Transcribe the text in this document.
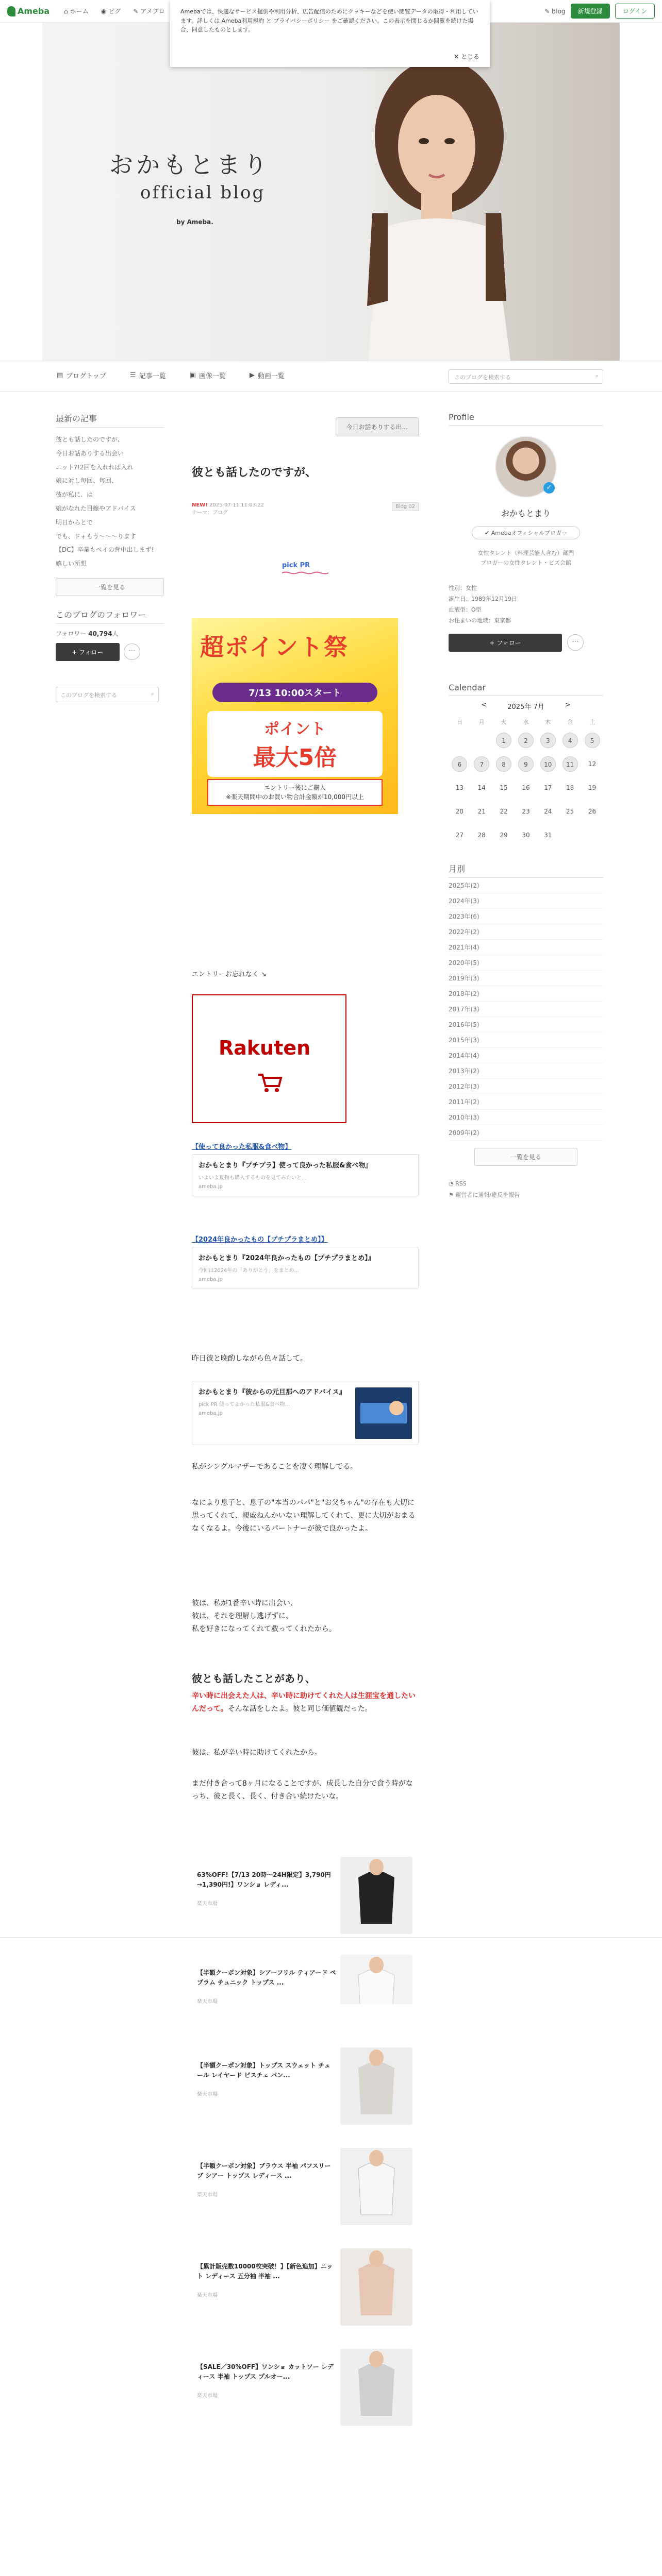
Ameba ⌂ ホーム ◉ ピグ ✎ アメブロ	✎ Blog	新規登録	ログイン
Amebaでは、快適なサービス提供や利用分析、広告配信のためにクッキーなどを使い閲覧データの取得・利用しています。詳しくは Ameba利用規約 と プライバシーポリシー をご確認ください。この表示を閉じるか閲覧を続けた場合、同意したものとします。
✕ とじる
おかもとまり
official blog
by Ameba.
▤ ブログトップ	☰ 記事一覧	▣ 画像一覧	▶ 動画一覧	このブログを検索する	⌕
最新の記事
彼とも話したのですが、
今日お話ありする出会い
ニット?!2回を入れれば入れ
娘に対し毎回、毎回、
彼が私に、は
娘がなれた目線やアドバイス
明日からとで
でも、ドォもう〜〜〜ります
【DC】卒業もペイの背中出しまず!
嬉しい所想
一覧を見る
このブログのフォロワー
フォロワー 40,794人
+ フォロー	⋯
このブログを検索する	⌕
今日お話ありする出...
彼とも話したのですが、
NEW! 2025-07-11 11:03:22
テーマ：ブログ
Blog 02
pick PR
超ポイント祭
7/13 10:00スタート
ポイント
最大5倍
エントリー後にご購入
※楽天期間中のお買い物合計金額が10,000円以上
エントリーお忘れなく ↘
Rakuten
【使って良かった私服&食べ物】
おかもとまり『プチプラ】使って良かった私服&食べ物』
いよいよ夏物も購入するものを見てみたいと...
ameba.jp
【2024年良かったもの【プチプラまとめ】】
おかもとまり『2024年良かったもの【プチプラまとめ】』
今回は2024年の「ありがとう」をまとめ...
ameba.jp

昨日彼と晩酌しながら色々話して。

おかもとまり『彼からの元旦那へのアドバイス』
pick PR 使ってよかった私服&食べ物...
ameba.jp

私がシングルマザーであることを凄く理解してる。

なにより息子と、息子の"本当のパパ"と"お父ちゃん"の存在も大切に思ってくれて、親戚ねんかいない理解してくれて、更に大切がおまるなくなるよ。今後にいるパートナーが彼で良かったよ。

彼は、私が1番辛い時に出会い、
彼は、それを理解し逃げずに、
私を好きになってくれて救ってくれたから。

彼とも話したことがあり、

辛い時に出会えた人は、辛い時に助けてくれた人は生涯宝を通したいんだって。そんな話をしたよ。彼と同じ価値観だった。

彼は、私が辛い時に助けてくれたから。

まだ付き合って8ヶ月になることですが、成長した自分で食う時がなっち、彼と長く、長く、付き合い続けたいな。

63%OFF!【7/13 20時〜24H限定】3,790円→1,390円!】ワンショ レディ...
楽天市場
【半額クーポン対象】シアーフリル ティアード ペプラム チュニック トップス ...
楽天市場
【半額クーポン対象】トップス スウェット チュール レイヤード ビスチェ パン...
楽天市場
【半額クーポン対象】ブラウス 半袖 パフスリーブ シアー トップス レディース ...
楽天市場
【累計販売数10000枚突破！】【新色追加】ニット レディース 五分袖 半袖 ...
楽天市場
【SALE／30%OFF】ワンショ カットソー レディース 半袖 トップス プルオー...
楽天市場

Profile
✓
おかもとまり
✔ Amebaオフィシャルブロガー
女性タレント（料理芸能人含む）部門
ブロガーの女性タレント・ビズ会館
性別：女性
誕生日：1989年12月19日
血液型：O型
お住まいの地域：東京都
+ フォロー	⋯
Calendar
<	2025年 7月	>
日	月	火	水	木	金	土
		1	2	3	4	5
6	7	8	9	10	11	12
13	14	15	16	17	18	19
20	21	22	23	24	25	26
27	28	29	30	31		
月別
2025年(2)
2024年(3)
2023年(6)
2022年(2)
2021年(4)
2020年(5)
2019年(3)
2018年(2)
2017年(3)
2016年(5)
2015年(3)
2014年(4)
2013年(2)
2012年(3)
2011年(2)
2010年(3)
2009年(2)
一覧を見る
◔ RSS
⚑ 運営者に通報/違反を報告
